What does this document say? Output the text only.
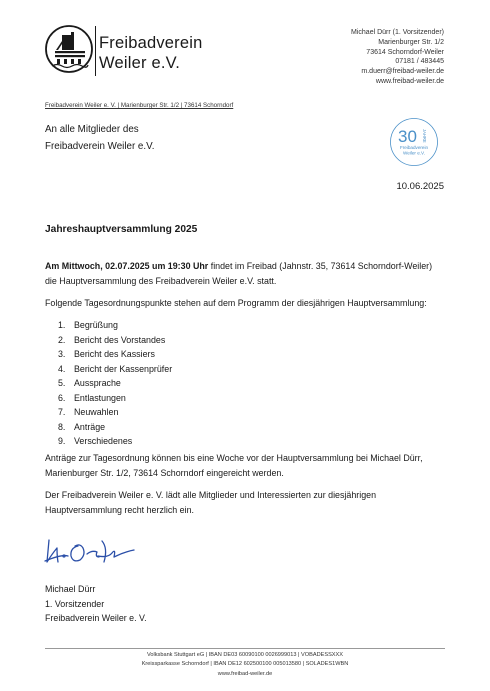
Freibadverein
Weiler e.V.
Michael Dürr (1. Vorsitzender)
Marienburger Str. 1/2
73614 Schorndorf-Weiler
07181 / 483445
m.duerr@freibad-weiler.de
www.freibad-weiler.de
Freibadverein Weiler e. V. | Marienburger Str. 1/2 | 73614 Schorndorf
An alle Mitglieder des
Freibadverein Weiler e.V.
30 JAHRE
Freibadverein
Weiler e.V.
10.06.2025
Jahreshauptversammlung 2025
Am Mittwoch, 02.07.2025 um 19:30 Uhr findet im Freibad (Jahnstr. 35, 73614 Schorndorf-Weiler)
die Hauptversammlung des Freibadverein Weiler e.V. statt.
Folgende Tagesordnungspunkte stehen auf dem Programm der diesjährigen Hauptversammlung:
1. Begrüßung
2. Bericht des Vorstandes
3. Bericht des Kassiers
4. Bericht der Kassenprüfer
5. Aussprache
6. Entlastungen
7. Neuwahlen
8. Anträge
9. Verschiedenes
Anträge zur Tagesordnung können bis eine Woche vor der Hauptversammlung bei Michael Dürr,
Marienburger Str. 1/2, 73614 Schorndorf eingereicht werden.
Der Freibadverein Weiler e. V. lädt alle Mitglieder und Interessierten zur diesjährigen
Hauptversammlung recht herzlich ein.
Michael Dürr
1. Vorsitzender
Freibadverein Weiler e. V.
Volksbank Stuttgart eG | IBAN DE03 60090100 0026999013 | VOBADESSXXX
Kreissparkasse Schorndorf | IBAN DE12 602500100 005013580 | SOLADES1WBN
www.freibad-weiler.de
